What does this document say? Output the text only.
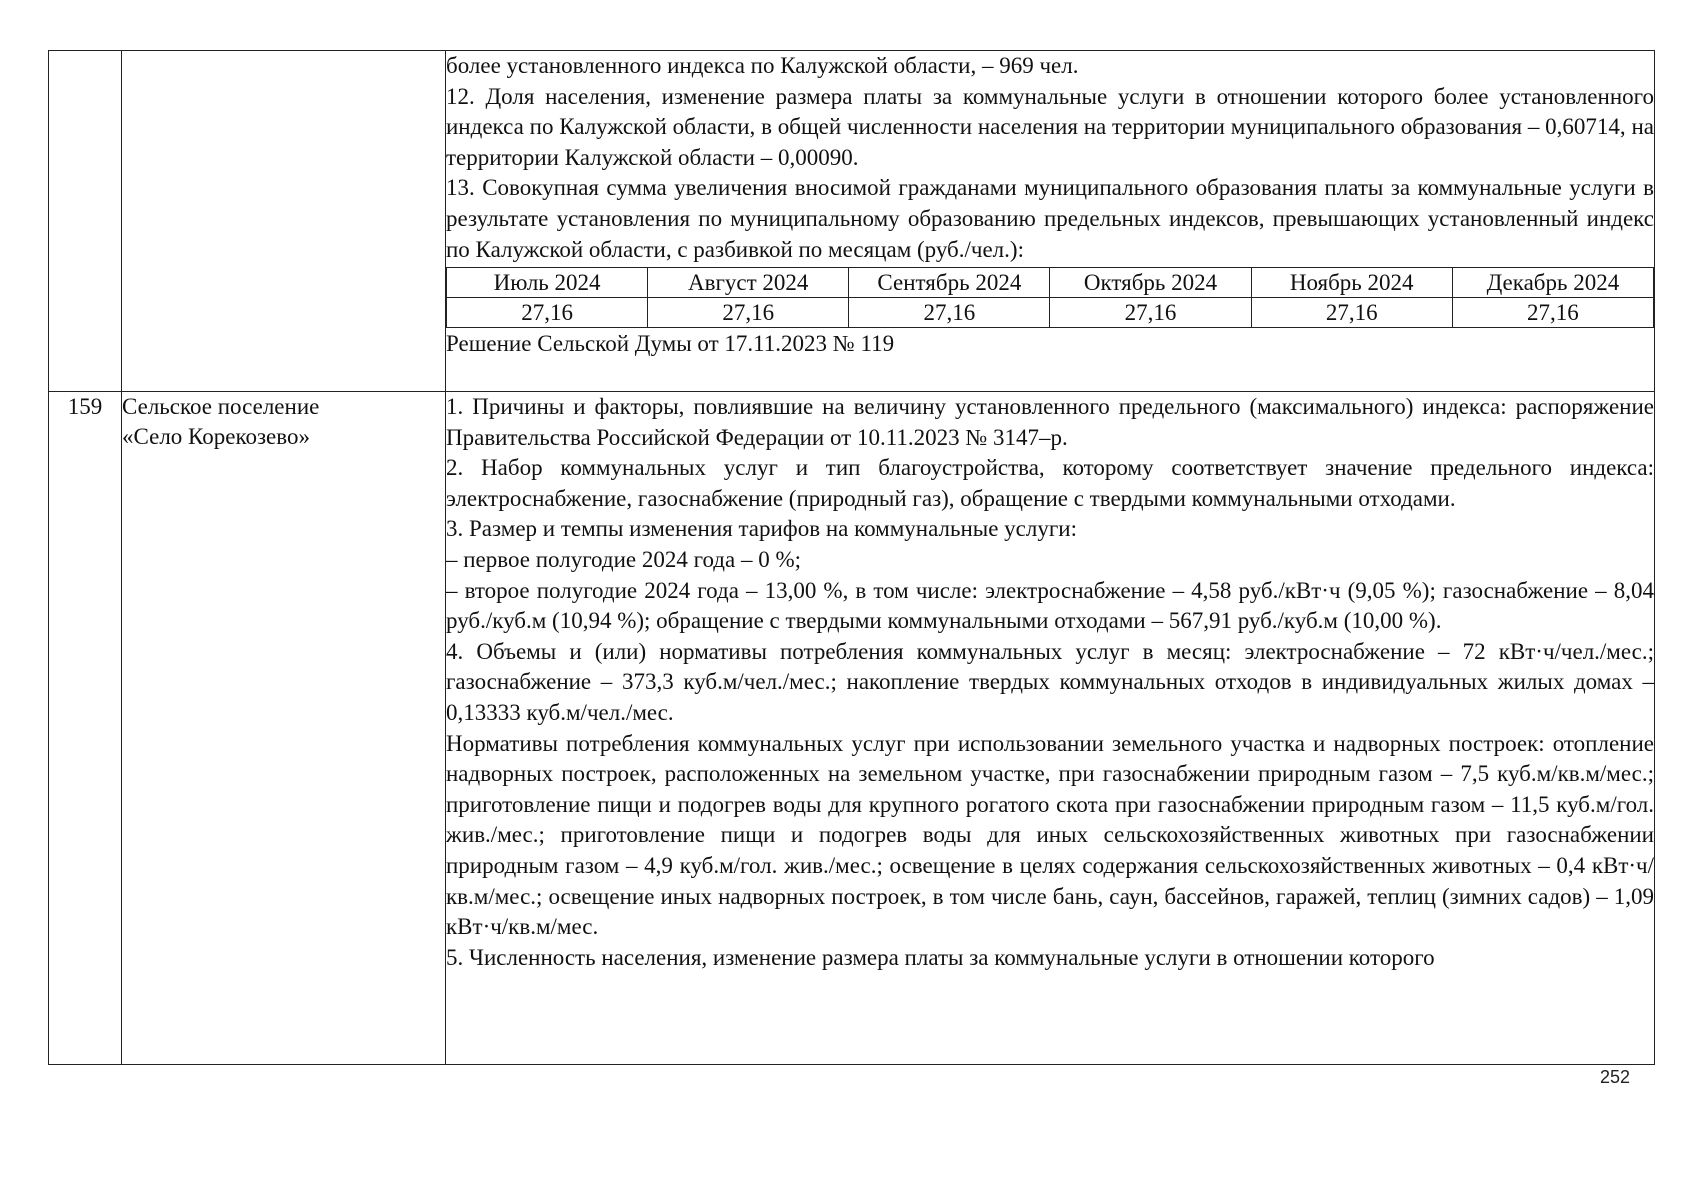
более установленного индекса по Калужской области, – 969 чел.

12. Доля населения, изменение размера платы за коммунальные услуги в отношении которого более установленного индекса по Калужской области, в общей численности населения на территории муниципального образования – 0,60714, на территории Калужской области – 0,00090.

13. Совокупная сумма увеличения вносимой гражданами муниципального образования платы за коммунальные услуги в результате установления по муниципальному образованию предельных индексов, превышающих установленный индекс по Калужской области, с разбивкой по месяцам (руб./чел.):

Июль 2024	Август 2024	Сентябрь 2024	Октябрь 2024	Ноябрь 2024	Декабрь 2024
27,16	27,16	27,16	27,16	27,16	27,16

Решение Сельской Думы от 17.11.2023 № 119

159	Сельское поселение
«Село Корекозево»

1. Причины и факторы, повлиявшие на величину установленного предельного (максимального) индекса: распоряжение Правительства Российской Федерации от 10.11.2023 № 3147–р.

2. Набор коммунальных услуг и тип благоустройства, которому соответствует значение предельного индекса: электроснабжение, газоснабжение (природный газ), обращение с твердыми коммунальными отходами.

3. Размер и темпы изменения тарифов на коммунальные услуги:

– первое полугодие 2024 года – 0 %;

– второе полугодие 2024 года – 13,00 %, в том числе: электроснабжение – 4,58 руб./кВт·ч (9,05 %); газоснабжение – 8,04 руб./куб.м (10,94 %); обращение с твердыми коммунальными отходами – 567,91 руб./куб.м (10,00 %).

4. Объемы и (или) нормативы потребления коммунальных услуг в месяц: электроснабжение – 72 кВт·ч/чел./мес.; газоснабжение – 373,3 куб.м/чел./мес.; накопление твердых коммунальных отходов в индивидуальных жилых домах – 0,13333 куб.м/чел./мес.

Нормативы потребления коммунальных услуг при использовании земельного участка и надворных построек: отопление надворных построек, расположенных на земельном участке, при газоснабжении природным газом – 7,5 куб.м/кв.м/мес.; приготовление пищи и подогрев воды для крупного рогатого скота при газоснабжении природным газом – 11,5 куб.м/гол. жив./мес.; приготовление пищи и подогрев воды для иных сельскохозяйственных животных при газоснабжении природным газом – 4,9 куб.м/гол. жив./мес.; освещение в целях содержания сельскохозяйственных животных – 0,4 кВт·ч/кв.м/мес.; освещение иных надворных построек, в том числе бань, саун, бассейнов, гаражей, теплиц (зимних садов) – 1,09 кВт·ч/кв.м/мес.

5. Численность населения, изменение размера платы за коммунальные услуги в отношении которого

252
